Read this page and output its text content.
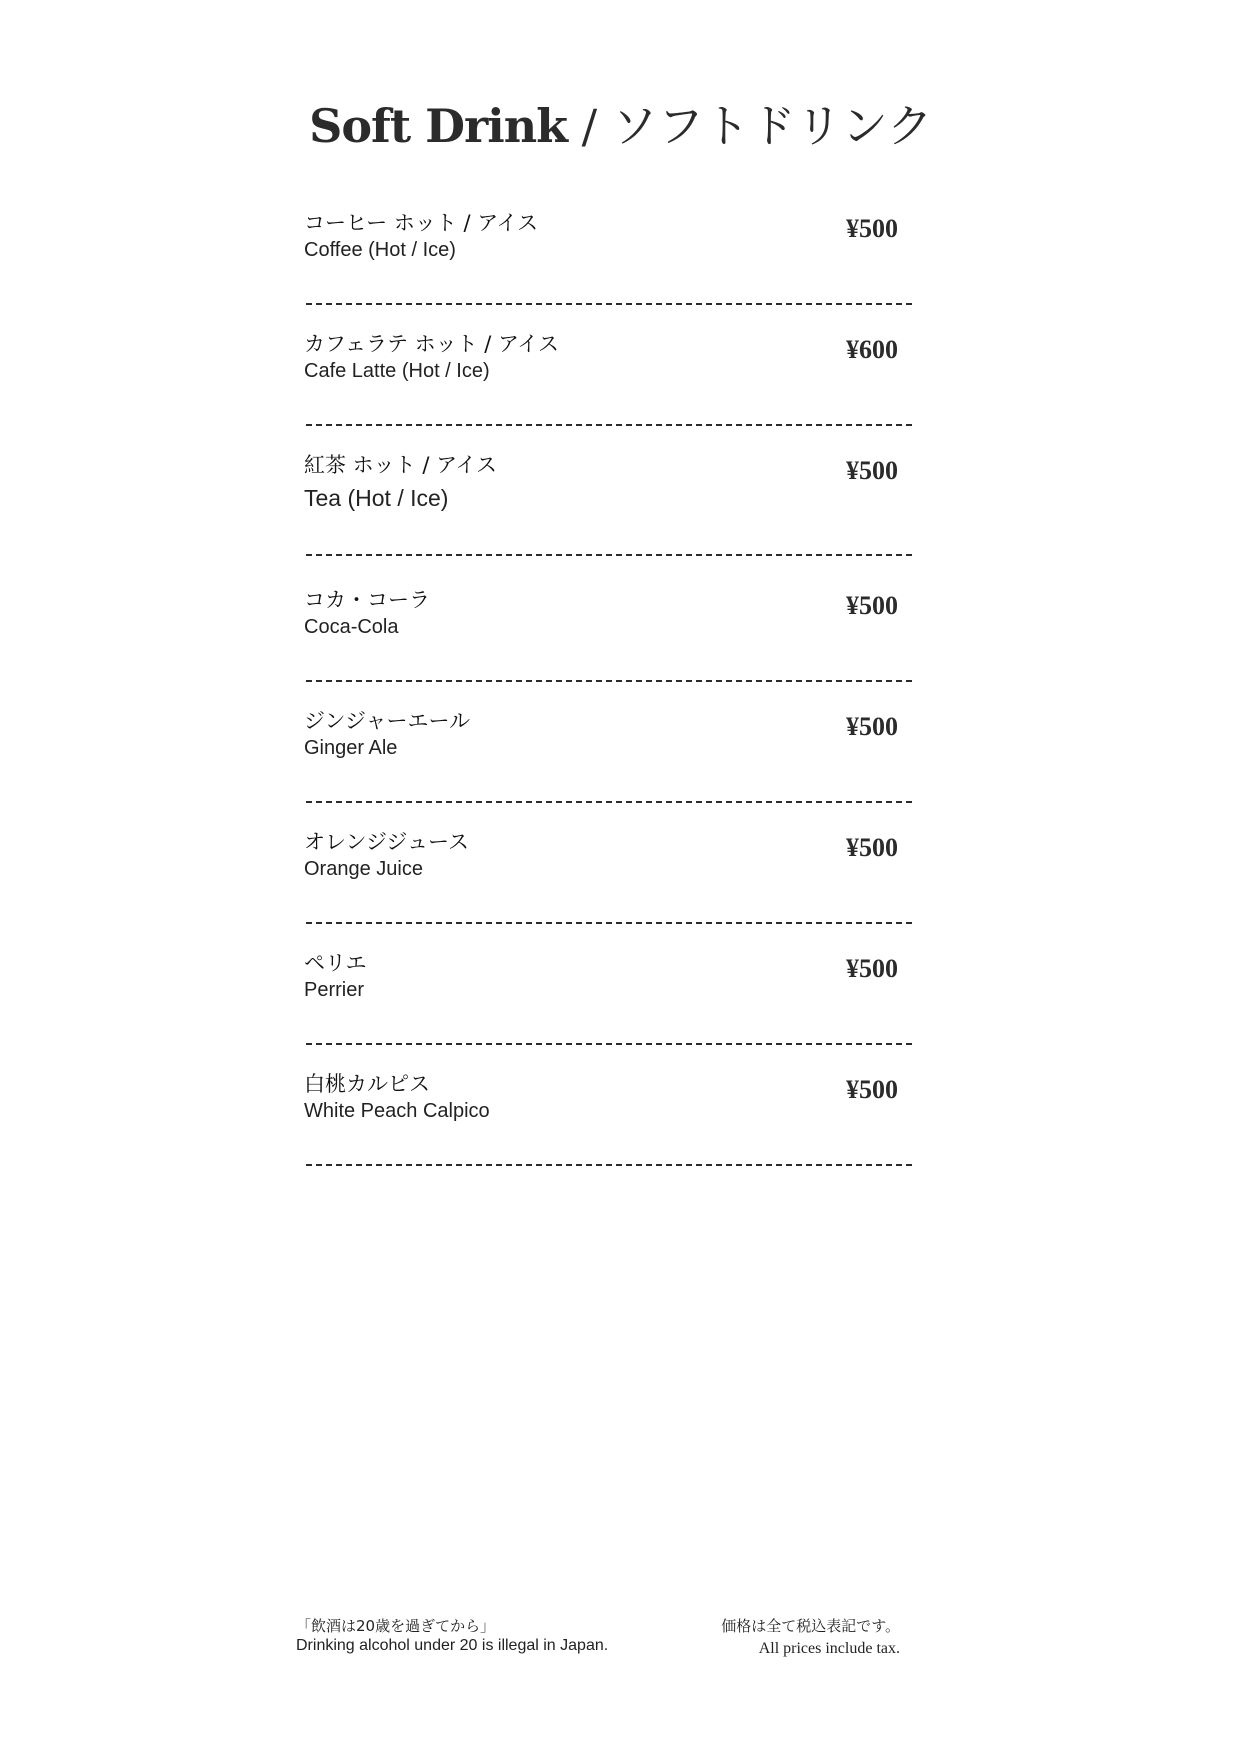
Soft Drink / ソフトドリンク
コーヒー ホット / アイス
Coffee (Hot / Ice)
¥500
カフェラテ ホット / アイス
Cafe Latte (Hot / Ice)
¥600
紅茶 ホット / アイス
Tea (Hot / Ice)
¥500
コカ・コーラ
Coca-Cola
¥500
ジンジャーエール
Ginger Ale
¥500
オレンジジュース
Orange Juice
¥500
ペリエ
Perrier
¥500
白桃カルピス
White Peach Calpico
¥500
「飲酒は20歳を過ぎてから」
Drinking alcohol under 20 is illegal in Japan.
価格は全て税込表記です。
All prices include tax.
